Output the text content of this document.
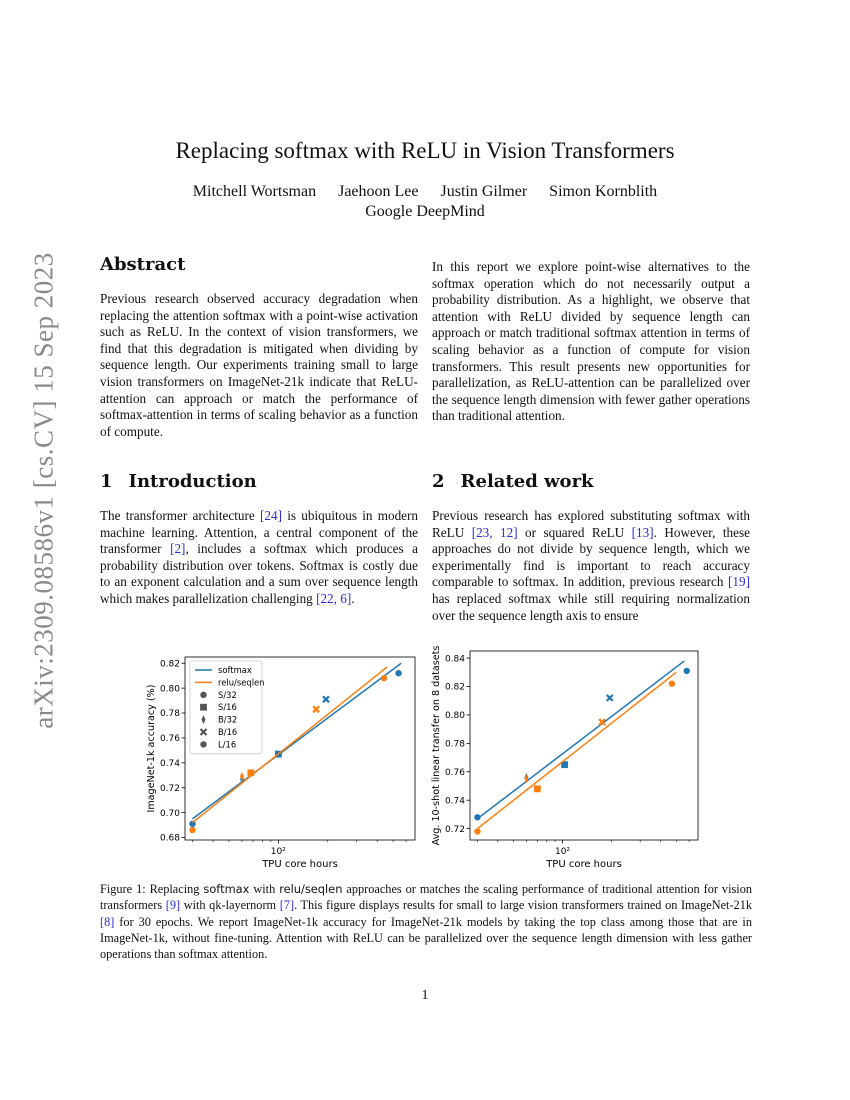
arXiv:2309.08586v1 [cs.CV] 15 Sep 2023
Replacing softmax with ReLU in Vision Transformers
Mitchell Wortsman Jaehoon Lee Justin Gilmer Simon Kornblith
Google DeepMind
Abstract
Previous research observed accuracy degradation when replacing the attention softmax with a point-wise activation such as ReLU. In the context of vision transformers, we find that this degradation is mitigated when dividing by sequence length. Our experiments training small to large vision transformers on ImageNet-21k indicate that ReLU-attention can approach or match the performance of softmax-attention in terms of scaling behavior as a function of compute.
In this report we explore point-wise alternatives to the softmax operation which do not necessarily output a probability distribution. As a highlight, we observe that attention with ReLU divided by sequence length can approach or match traditional softmax attention in terms of scaling behavior as a function of compute for vision transformers. This result presents new opportunities for parallelization, as ReLU-attention can be parallelized over the sequence length dimension with fewer gather operations than traditional attention.
1 Introduction
The transformer architecture [24] is ubiquitous in modern machine learning. Attention, a central component of the transformer [2], includes a softmax which produces a probability distribution over tokens. Softmax is costly due to an exponent calculation and a sum over sequence length which makes parallelization challenging [22, 6].
2 Related work
Previous research has explored substituting softmax with ReLU [23, 12] or squared ReLU [13]. However, these approaches do not divide by sequence length, which we experimentally find is important to reach accuracy comparable to softmax. In addition, previous research [19] has replaced softmax while still requiring normalization over the sequence length axis to ensure
0.68
0.70
0.72
0.74
0.76
0.78
0.80
0.82
10²
TPU core hours
ImageNet-1k accuracy (%)
softmax
relu/seqlen
S/32
S/16
B/32
B/16
L/16
0.72
0.74
0.76
0.78
0.80
0.82
0.84
10²
TPU core hours
Avg. 10-shot linear transfer on 8 datasets
Figure 1: Replacing softmax with relu/seqlen approaches or matches the scaling performance of traditional attention for vision transformers [9] with qk-layernorm [7]. This figure displays results for small to large vision transformers trained on ImageNet-21k [8] for 30 epochs. We report ImageNet-1k accuracy for ImageNet-21k models by taking the top class among those that are in ImageNet-1k, without fine-tuning. Attention with ReLU can be parallelized over the sequence length dimension with less gather operations than softmax attention.
1
